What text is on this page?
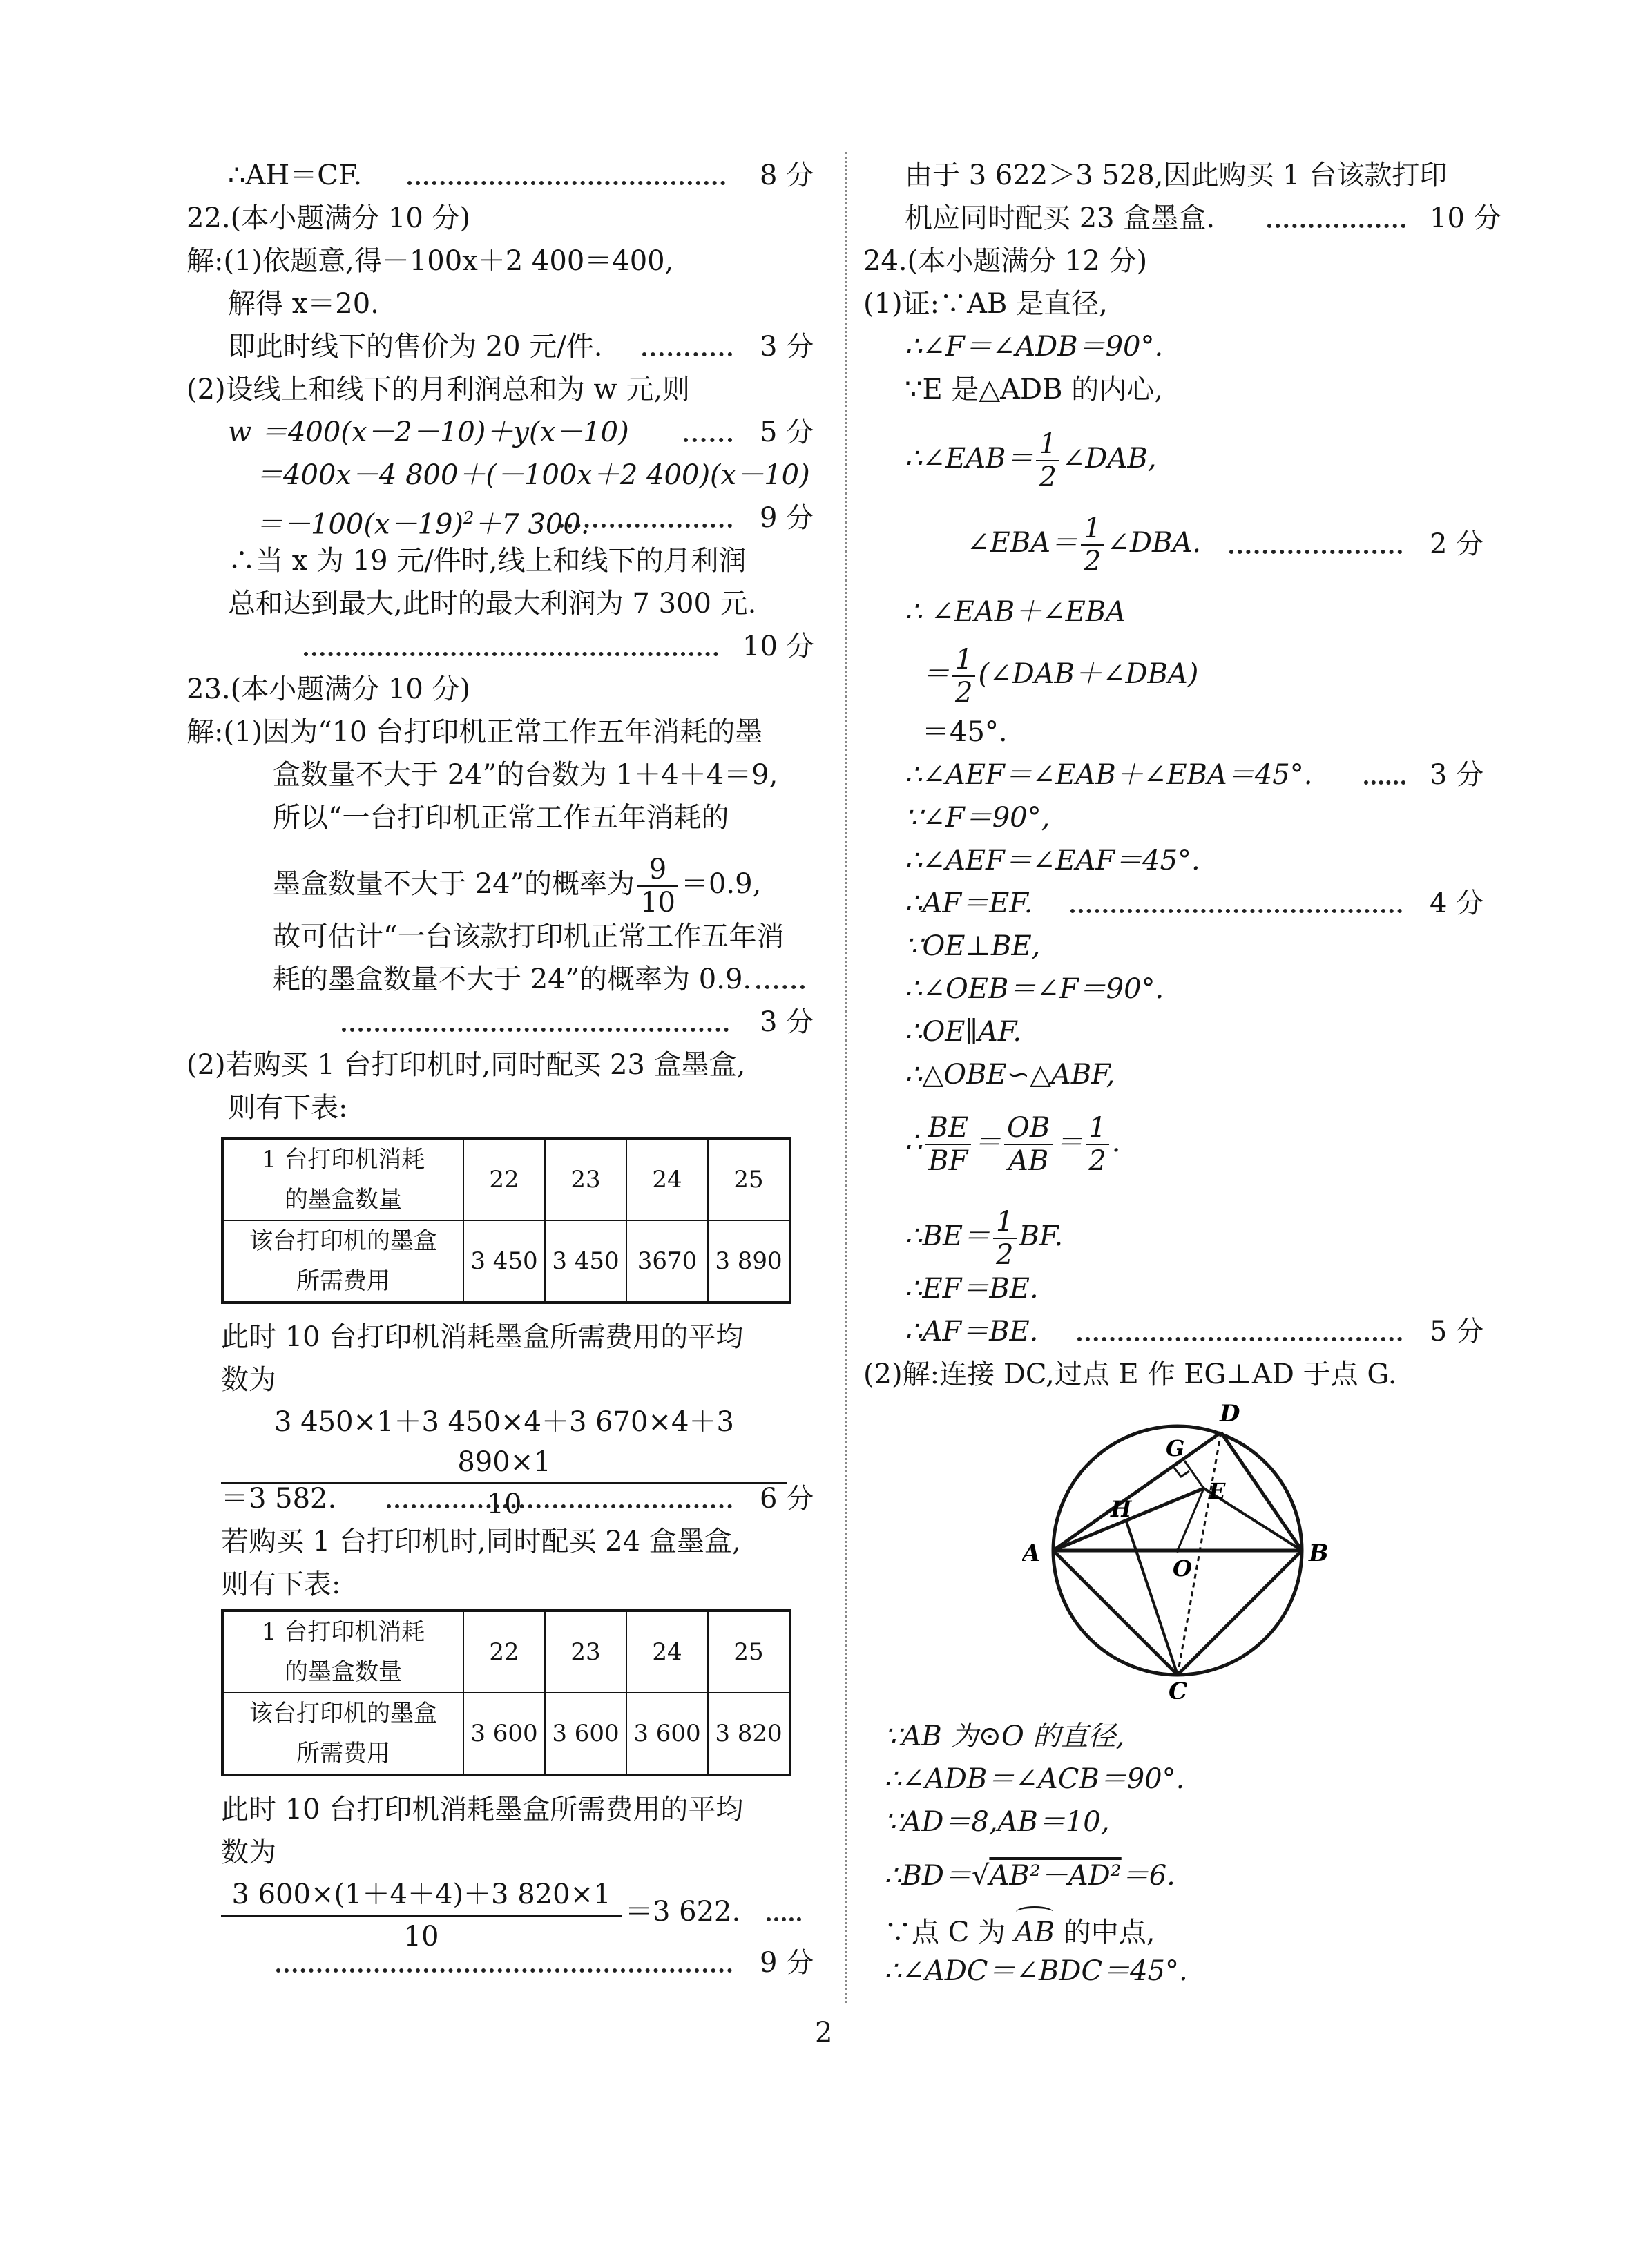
∴AH＝CF.	8 分
22.(本小题满分 10 分)
解:(1)依题意,得－100x＋2 400＝400,
解得 x＝20.
即此时线下的售价为 20 元/件.	3 分
(2)设线上和线下的月利润总和为 w 元,则
w ＝400(x－2－10)＋y(x－10)	5 分
＝400x－4 800＋(－100x＋2 400)(x－10)
$=-100(x-19)^2+7$ 300.	9 分
∴当 x 为 19 元/件时,线上和线下的月利润
总和达到最大,此时的最大利润为 7 300 元.
10 分
23.(本小题满分 10 分)
解:(1)因为“10 台打印机正常工作五年消耗的墨
盒数量不大于 24”的台数为 1＋4＋4＝9,
所以“一台打印机正常工作五年消耗的
墨盒数量不大于 24”的概率为 $\frac{9}{10} =0.9$,
故可估计“一台该款打印机正常工作五年消
耗的墨盒数量不大于 24”的概率为 0.9.
3 分
(2)若购买 1 台打印机时,同时配买 23 盒墨盒,
则有下表:
1 台打印机消耗
的墨盒数量	22	23	24	25
该台打印机的墨盒
所需费用	3 450	3 450	3670	3 890
此时 10 台打印机消耗墨盒所需费用的平均
数为
$\frac{3 450\times 1+3 450\times 4+3 670\times 4+3 890\times 1}{10}$
＝3 582.	6 分
若购买 1 台打印机时,同时配买 24 盒墨盒,
则有下表:
1 台打印机消耗
的墨盒数量	22	23	24	25
该台打印机的墨盒
所需费用	3 600	3 600	3 600	3 820
此时 10 台打印机消耗墨盒所需费用的平均
数为
$\frac{3 600\times(1+4+4)+3 820\times 1}{10} =3$ 622.
9 分
由于 3 622＞3 528,因此购买 1 台该款打印
机应同时配买 23 盒墨盒.	10 分
24.(本小题满分 12 分)
(1)证:∵AB 是直径,
∴∠F＝∠ADB＝90°.
∵E 是△ADB 的内心,
∴∠EAB＝ $\frac{1}{2}$ ∠DAB,
∠EBA＝ $\frac{1}{2}$ ∠DBA.	2 分
∴ ∠EAB＋∠EBA
＝ $\frac{1}{2}$ (∠DAB＋∠DBA)
＝45°.
∴∠AEF＝∠EAB＋∠EBA＝45°.	3 分
∵∠F＝90°,
∴∠AEF＝∠EAF＝45°.
∴AF＝EF.	4 分
∵OE⊥BE,
∴∠OEB＝∠F＝90°.
∴OE∥AF.
∴△OBE∽△ABF,
∴ $\frac{BE}{BF} = \frac{OB}{AB} = \frac{1}{2}$ .
∴BE＝ $\frac{1}{2}$ BF.
∴EF＝BE.
∴AF＝BE.	5 分
(2)解:连接 DC,过点 E 作 EG⊥AD 于点 G.
A	B
C
D
E
G
H
O
∵AB 为⊙O 的直径,
∴∠ADB＝∠ACB＝90°.
∵AD＝8,AB＝10,
∴BD＝√AB²－AD²＝6.
∵点 C 为 AB 的中点,
∴∠ADC＝∠BDC＝45°.
2
